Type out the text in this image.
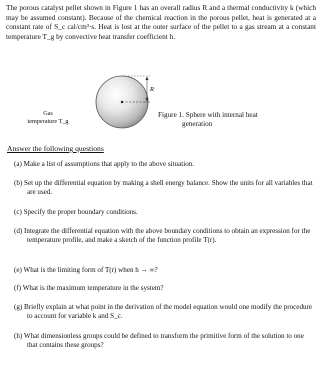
The porous catalyst pellet shown in Figure 1 has an overall radius R and a thermal conductivity k (which may be assumed constant). Because of the chemical reaction in the porous pellet, heat is generated at a constant rate of S_c cal/cm³·s. Heat is lost at the outer surface of the pellet to a gas stream at a constant temperature T_g by convective heat transfer coefficient h.
R
Gas
temperature T_g
Figure 1. Sphere with internal heat
generation
Answer the following questions
(a) Make a list of assumptions that apply to the above situation.
(b) Set up the differential equation by making a shell energy balance. Show the units for all variables that are used.
(c) Specify the proper boundary conditions.
(d) Integrate the differential equation with the above boundary conditions to obtain an expression for the temperature profile, and make a sketch of the function profile T(r).
(e) What is the limiting form of T(r) when h → ∞?
(f) What is the maximum temperature in the system?
(g) Briefly explain at what point in the derivation of the model equation would one modify the procedure to account for variable k and S_c.
(h) What dimensionless groups could be defined to transform the primitive form of the solution to one that contains these groups?
